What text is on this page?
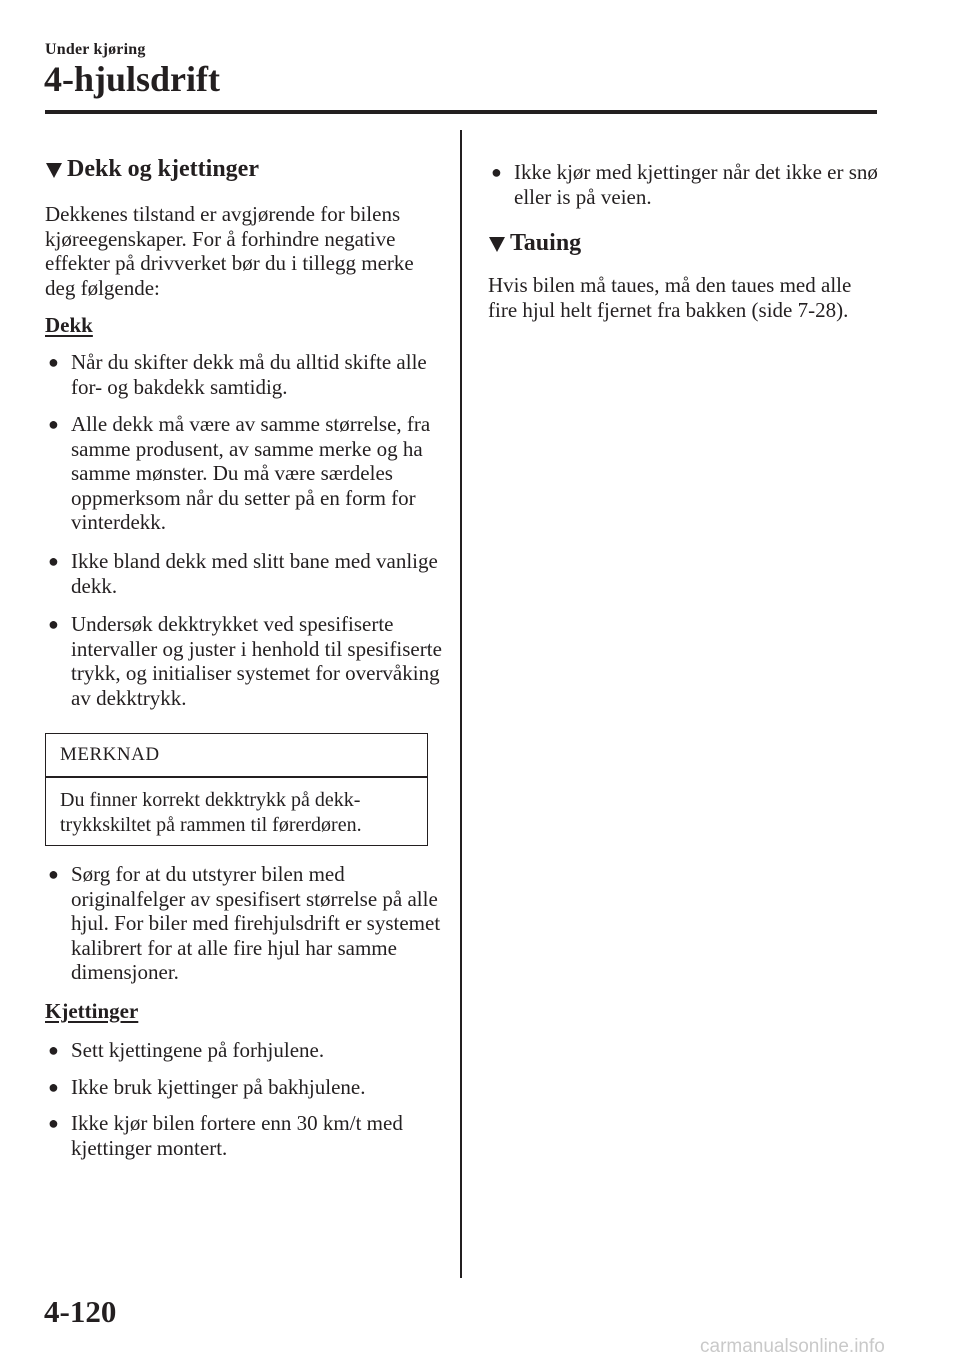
Under kjøring
4-hjulsdrift
Dekk og kjettinger
Dekkenes tilstand er avgjørende for bilens kjøreegenskaper. For å forhindre negative effekter på drivverket bør du i tillegg merke deg følgende:
Dekk
● Når du skifter dekk må du alltid skifte alle for- og bakdekk samtidig.
● Alle dekk må være av samme størrelse, fra samme produsent, av samme merke og ha samme mønster. Du må være særdeles oppmerksom når du setter på en form for vinterdekk.
● Ikke bland dekk med slitt bane med vanlige dekk.
● Undersøk dekktrykket ved spesifiserte intervaller og juster i henhold til spesifiserte trykk, og initialiser systemet for overvåking av dekktrykk.
MERKNAD
Du finner korrekt dekktrykk på dekk-trykkskiltet på rammen til førerdøren.
● Sørg for at du utstyrer bilen med originalfelger av spesifisert størrelse på alle hjul. For biler med firehjulsdrift er systemet kalibrert for at alle fire hjul har samme dimensjoner.
Kjettinger
● Sett kjettingene på forhjulene.
● Ikke bruk kjettinger på bakhjulene.
● Ikke kjør bilen fortere enn 30 km/t med kjettinger montert.
● Ikke kjør med kjettinger når det ikke er snø eller is på veien.
Tauing
Hvis bilen må taues, må den taues med alle fire hjul helt fjernet fra bakken (side 7-28).
4-120
carmanualsonline.info
